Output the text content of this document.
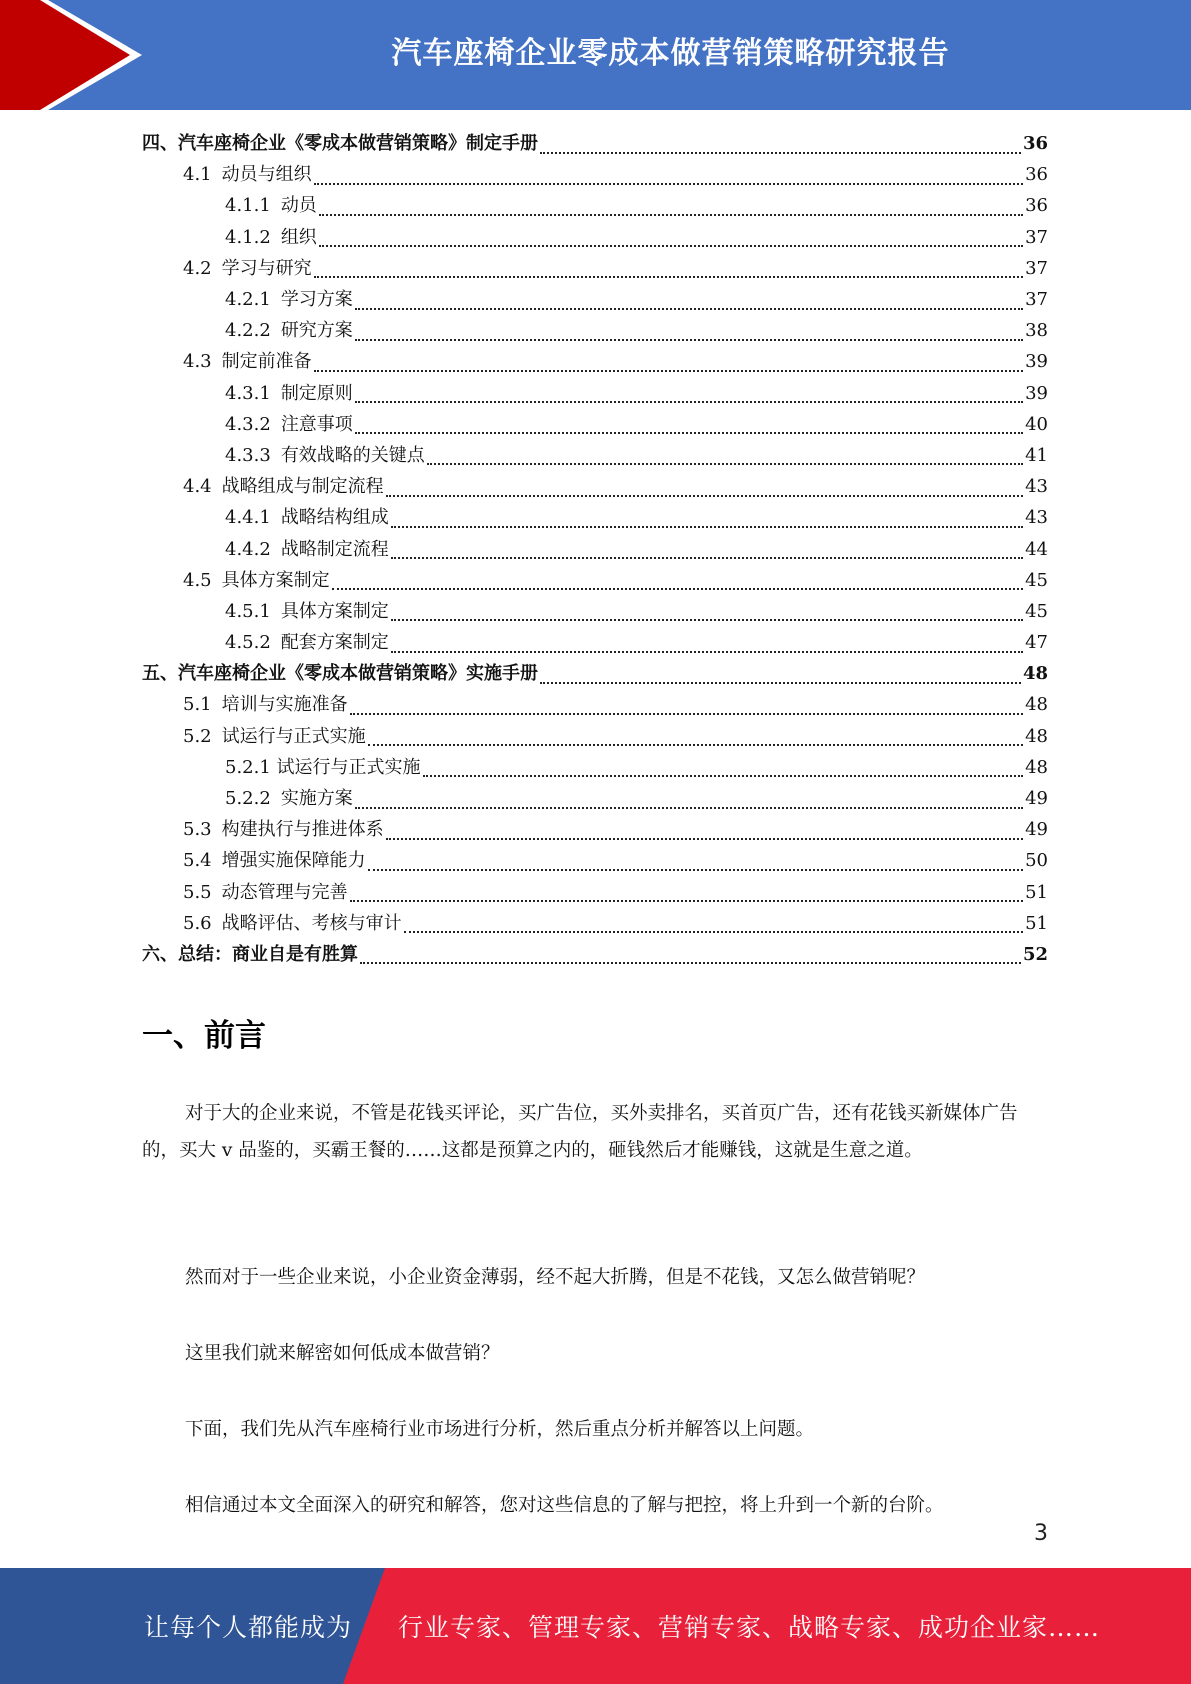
汽车座椅企业零成本做营销策略研究报告
四、汽车座椅企业《零成本做营销策略》制定手册	36
4.1 动员与组织	36
4.1.1 动员	36
4.1.2 组织	37
4.2 学习与研究	37
4.2.1 学习方案	37
4.2.2 研究方案	38
4.3 制定前准备	39
4.3.1 制定原则	39
4.3.2 注意事项	40
4.3.3 有效战略的关键点	41
4.4 战略组成与制定流程	43
4.4.1 战略结构组成	43
4.4.2 战略制定流程	44
4.5 具体方案制定	45
4.5.1 具体方案制定	45
4.5.2 配套方案制定	47
五、汽车座椅企业《零成本做营销策略》实施手册	48
5.1 培训与实施准备	48
5.2 试运行与正式实施	48
5.2.1 试运行与正式实施	48
5.2.2 实施方案	49
5.3 构建执行与推进体系	49
5.4 增强实施保障能力	50
5.5 动态管理与完善	51
5.6 战略评估、考核与审计	51
六、总结：商业自是有胜算	52
一、前言

对于大的企业来说，不管是花钱买评论，买广告位，买外卖排名，买首页广告，还有花钱买新媒体广告的，买大 v 品鉴的，买霸王餐的……这都是预算之内的，砸钱然后才能赚钱，这就是生意之道。

然而对于一些企业来说，小企业资金薄弱，经不起大折腾，但是不花钱，又怎么做营销呢？

这里我们就来解密如何低成本做营销？

下面，我们先从汽车座椅行业市场进行分析，然后重点分析并解答以上问题。

相信通过本文全面深入的研究和解答，您对这些信息的了解与把控，将上升到一个新的台阶。

3
让每个人都能成为 行业专家、管理专家、营销专家、战略专家、成功企业家……
